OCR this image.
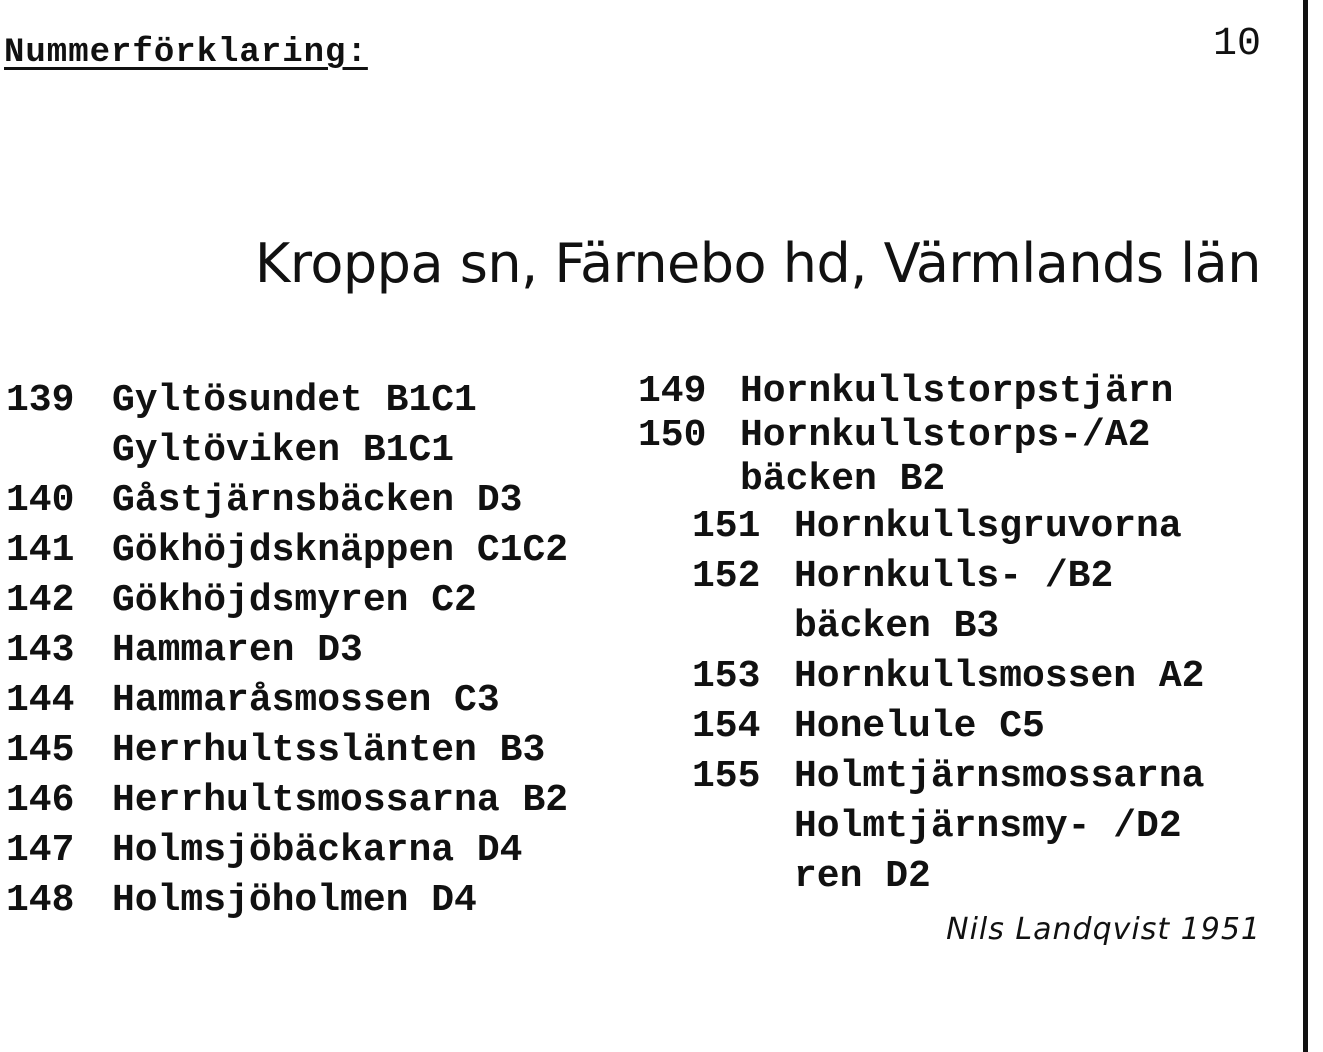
Nummerförklaring:	10
Kroppa sn, Färnebo hd, Värmlands län
139 Gyltösundet B1C1
Gyltöviken B1C1
140 Gåstjärnsbäcken D3
141 Gökhöjdsknäppen C1C2
142 Gökhöjdsmyren C2
143 Hammaren D3
144 Hammaråsmossen C3
145 Herrhultsslänten B3
146 Herrhultsmossarna B2
147 Holmsjöbäckarna D4
148 Holmsjöholmen D4
149 Hornkullstorpstjärn
150 Hornkullstorps-/A2
bäcken B2
151 Hornkullsgruvorna
152 Hornkulls- /B2
bäcken B3
153 Hornkullsmossen A2
154 Honelule C5
155 Holmtjärnsmossarna
Holmtjärnsmy- /D2
ren D2
Nils Landqvist 1951
